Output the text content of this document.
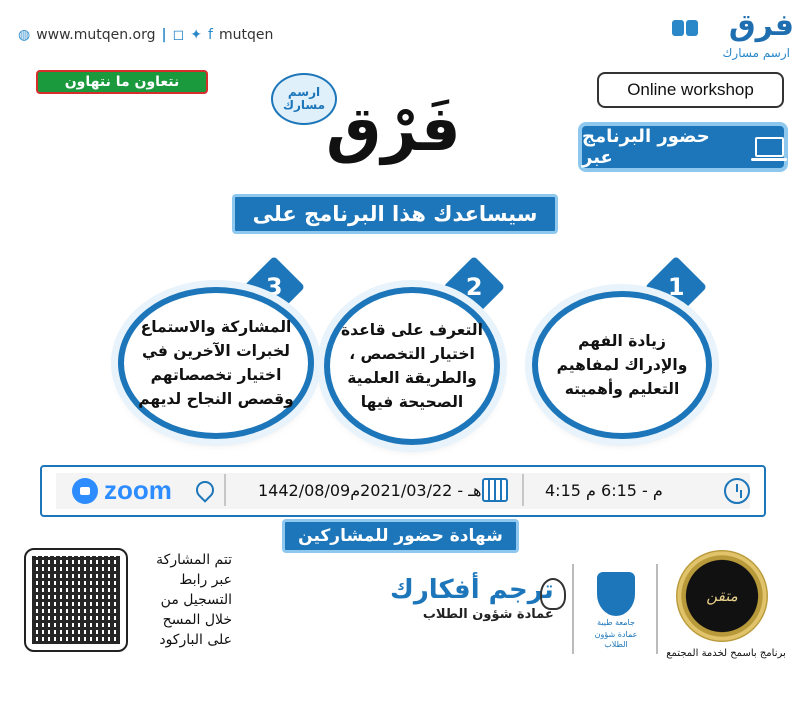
◍ www.mutqen.org | ◻ ✦ f mutqen	فرق
ارسم مسارك
نتعاون ما نتهاون	Online workshop
حضور البرنامج عبر
ارسم مسارك فَرْق
سيساعدك هذا البرنامج على
3
المشاركة والاستماع لخبرات الآخرين في اختيار تخصصاتهم وقصص النجاح لديهم
2
التعرف على قاعدة اختيار التخصص ، والطريقة العلمية الصحيحة فيها
1
زيادة الفهم والإدراك لمفاهيم التعليم وأهميته
zoom	1442/08/09هـ - 2021/03/22م	4:15 م - 6:15 م
شهادة حضور للمشاركين
تتم المشاركة عبر رابط التسجيل من خلال المسح على الباركود
ترجم أفكارك
عمادة شؤون الطلاب
جامعة طيبة
عمادة شؤون الطلاب
متقن
برنامج باسمح لخدمة المجتمع
